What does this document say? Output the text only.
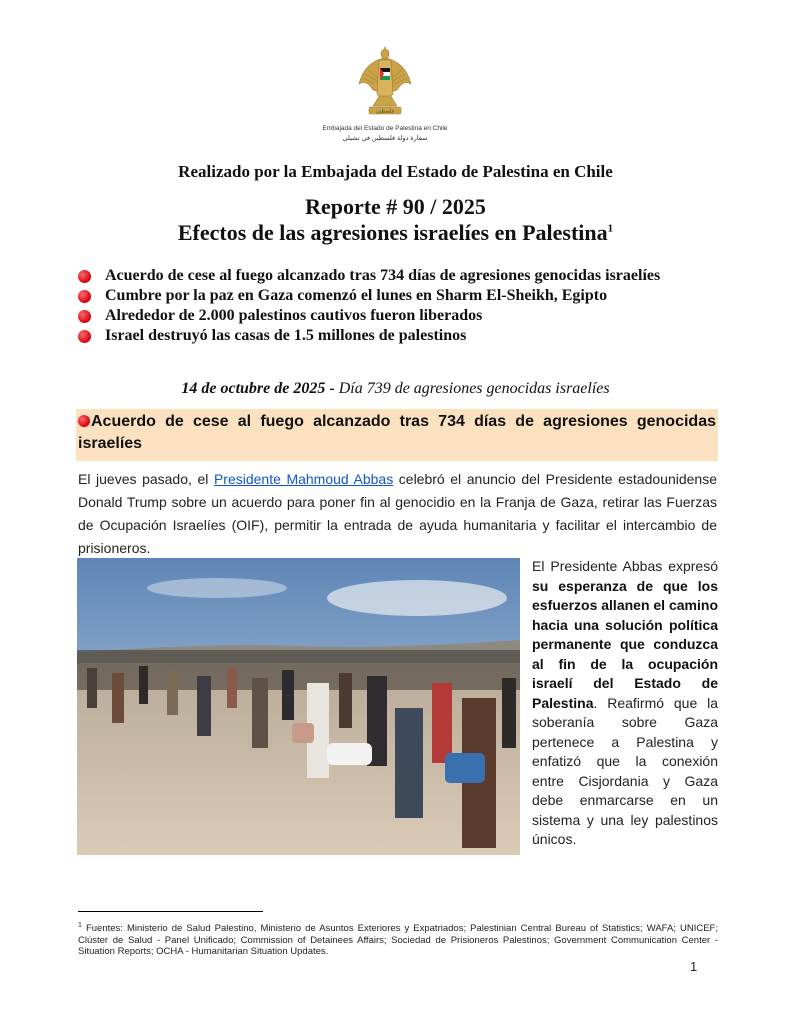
فلسطين
Embajada del Estado de Palestina en Chile
سفارة دولة فلسطين في تشيلي
Realizado por la Embajada del Estado de Palestina en Chile
Reporte # 90 / 2025
Efectos de las agresiones israelíes en Palestina$^1$
Acuerdo de cese al fuego alcanzado tras 734 días de agresiones genocidas israelíes
Cumbre por la paz en Gaza comenzó el lunes en Sharm El-Sheikh, Egipto
Alrededor de 2.000 palestinos cautivos fueron liberados
Israel destruyó las casas de 1.5 millones de palestinos
14 de octubre de 2025 - Día 739 de agresiones genocidas israelíes
Acuerdo de cese al fuego alcanzado tras 734 días de agresiones genocidas israelíes
El jueves pasado, el Presidente Mahmoud Abbas celebró el anuncio del Presidente estadounidense Donald Trump sobre un acuerdo para poner fin al genocidio en la Franja de Gaza, retirar las Fuerzas de Ocupación Israelíes (OIF), permitir la entrada de ayuda humanitaria y facilitar el intercambio de prisioneros.
El Presidente Abbas expresó su esperanza de que los esfuerzos allanen el camino hacia una solución política permanente que conduzca al fin de la ocupación israelí del Estado de Palestina. Reafirmó que la soberanía sobre Gaza pertenece a Palestina y enfatizó que la conexión entre Cisjordania y Gaza debe enmarcarse en un sistema y una ley palestinos únicos.
$^1$ Fuentes: Ministerio de Salud Palestino, Ministerio de Asuntos Exteriores y Expatriados; Palestinian Central Bureau of Statistics; WAFA; UNICEF; Clúster de Salud - Panel Unificado; Commission of Detainees Affairs; Sociedad de Prisioneros Palestinos; Government Communication Center - Situation Reports; OCHA - Humanitarian Situation Updates.
1
